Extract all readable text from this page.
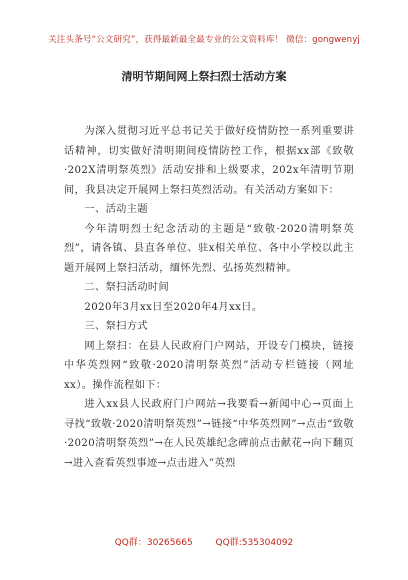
关注头条号“公文研究”，获得最新最全最专业的公文资料库！ 微信：gongwenyj
清明节期间网上祭扫烈士活动方案

为深入贯彻习近平总书记关于做好疫情防控一系列重要讲话精神，切实做好清明期间疫情防控工作，根据xx部《致敬·202X清明祭英烈》活动安排和上级要求，202x年清明节期间，我县决定开展网上祭扫英烈活动。有关活动方案如下：

一、活动主题

今年清明烈士纪念活动的主题是“致敬·2020清明祭英烈”，请各镇、县直各单位、驻x相关单位、各中小学校以此主题开展网上祭扫活动，缅怀先烈、弘扬英烈精神。

二、祭扫活动时间

2020年3月xx日至2020年4月xx日。

三、祭扫方式

网上祭扫：在县人民政府门户网站，开设专门模块，链接中华英烈网“致敬·2020清明祭英烈”活动专栏链接（网址xx）。操作流程如下：

进入xx县人民政府门户网站→我要看→新闻中心→页面上寻找“致敬·2020清明祭英烈”→链接“中华英烈网”→点击“致敬·2020清明祭英烈”→在人民英雄纪念碑前点击献花→向下翻页→进入查看英烈事迹→点击进入”英烈

QQ群：30265665	QQ群:535304092
